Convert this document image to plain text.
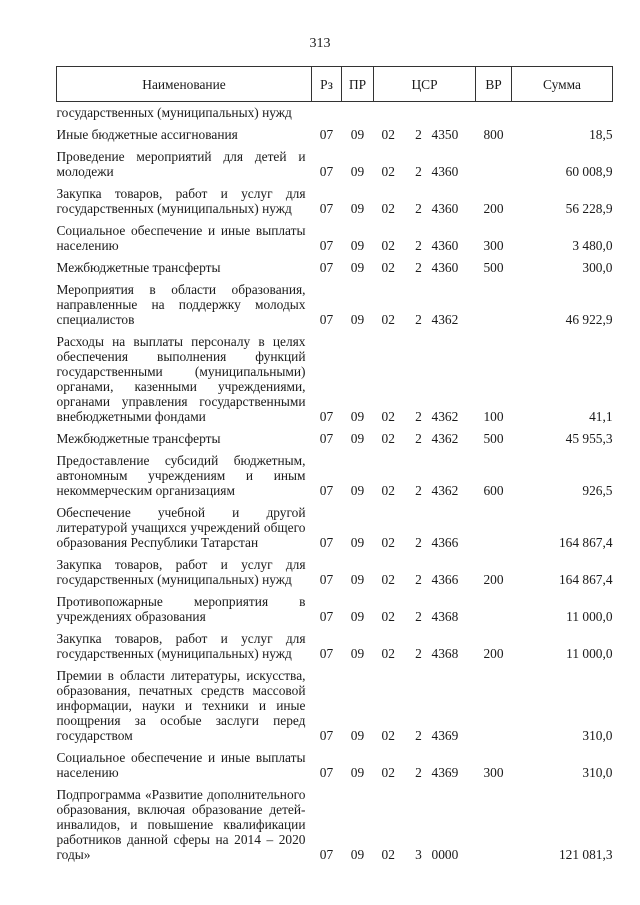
313
Наименование	Рз	ПР	ЦСР			ВР	Сумма
государственных (муниципальных) нужд							
Иные бюджетные ассигнования	07	09	02	2	4350	800	18,5
Проведение мероприятий для детей и молодежи	07	09	02	2	4360		60 008,9
Закупка товаров, работ и услуг для государственных (муниципальных) нужд	07	09	02	2	4360	200	56 228,9
Социальное обеспечение и иные выплаты населению	07	09	02	2	4360	300	3 480,0
Межбюджетные трансферты	07	09	02	2	4360	500	300,0
Мероприятия в области образования, направленные на поддержку молодых специалистов	07	09	02	2	4362		46 922,9
Расходы на выплаты персоналу в целях обеспечения выполнения функций государственными (муниципальными) органами, казенными учреждениями, органами управления государственными внебюджетными фондами	07	09	02	2	4362	100	41,1
Межбюджетные трансферты	07	09	02	2	4362	500	45 955,3
Предоставление субсидий бюджетным, автономным учреждениям и иным некоммерческим организациям	07	09	02	2	4362	600	926,5
Обеспечение учебной и другой литературой учащихся учреждений общего образования Республики Татарстан	07	09	02	2	4366		164 867,4
Закупка товаров, работ и услуг для государственных (муниципальных) нужд	07	09	02	2	4366	200	164 867,4
Противопожарные мероприятия в учреждениях образования	07	09	02	2	4368		11 000,0
Закупка товаров, работ и услуг для государственных (муниципальных) нужд	07	09	02	2	4368	200	11 000,0
Премии в области литературы, искусства, образования, печатных средств массовой информации, науки и техники и иные поощрения за особые заслуги перед государством	07	09	02	2	4369		310,0
Социальное обеспечение и иные выплаты населению	07	09	02	2	4369	300	310,0
Подпрограмма «Развитие дополнительного образования, включая образование детей-инвалидов, и повышение квалификации работников данной сферы на 2014 – 2020 годы»	07	09	02	3	0000		121 081,3
